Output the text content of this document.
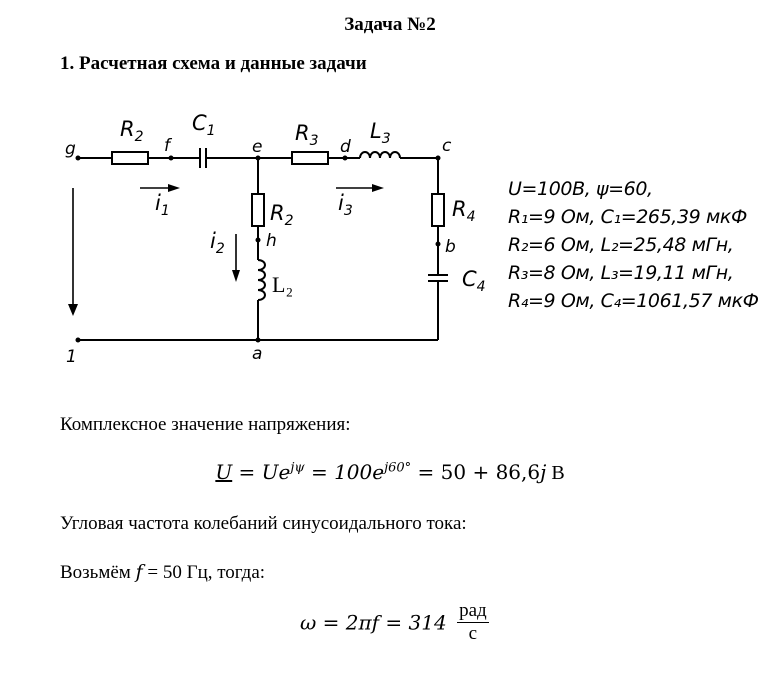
Задача №2
1. Расчетная схема и данные задачи
g	f	e	d	c
h	b
a
1
$R_2$
$C_1$	$R_3$ $L_3$
$R_2$
L₂
$R_4$
$C_4$
$i_1$
$i_2$
$i_3$
U=100В, ψ=60,
R₁=9 Ом, C₁=265,39 мкФ
R₂=6 Ом, L₂=25,48 мГн,
R₃=8 Ом, L₃=19,11 мГн,
R₄=9 Ом, C₄=1061,57 мкФ
Комплексное значение напряжения:
$U = Ue^{j\psi} = 100e^{j60^\circ} = 50 + 86,6j$ В
Угловая частота колебаний синусоидального тока:
Возьмём f = 50 Гц, тогда:
$\omega = 2\pi f = 314 \frac{\text{рад}}{с}$
